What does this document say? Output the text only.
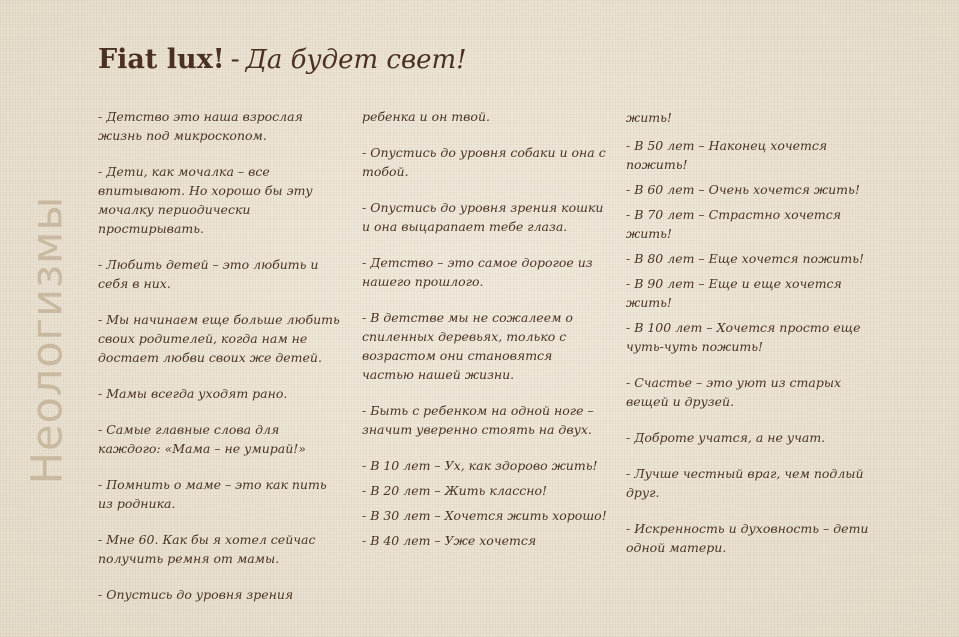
Неологизмы
Fiat lux! - Да будет свет!

- Детство это наша взрослая жизнь под микроскопом.

- Дети, как мочалка – все впитывают. Но хорошо бы эту мочалку периодически простирывать.

- Любить детей – это любить и себя в них.

- Мы начинаем еще больше любить своих родителей, когда нам не достает любви своих же детей.

- Мамы всегда уходят рано.

- Самые главные слова для каждого: «Мама – не умирай!»

- Помнить о маме – это как пить из родника.

- Мне 60. Как бы я хотел сейчас получить ремня от мамы.

- Опустись до уровня зрения

ребенка и он твой.

- Опустись до уровня собаки и она с тобой.

- Опустись до уровня зрения кошки и она выцарапает тебе глаза.

- Детство – это самое дорогое из нашего прошлого.

- В детстве мы не сожалеем о спиленных деревьях, только с возрастом они становятся частью нашей жизни.

- Быть с ребенком на одной ноге – значит уверенно стоять на двух.

- В 10 лет – Ух, как здорово жить!

- В 20 лет – Жить классно!

- В 30 лет – Хочется жить хорошо!

- В 40 лет – Уже хочется

жить!

- В 50 лет – Наконец хочется пожить!

- В 60 лет – Очень хочется жить!

- В 70 лет – Страстно хочется жить!

- В 80 лет – Еще хочется пожить!

- В 90 лет – Еще и еще хочется жить!

- В 100 лет – Хочется просто еще чуть-чуть пожить!

- Счастье – это уют из старых вещей и друзей.

- Доброте учатся, а не учат.

- Лучше честный враг, чем подлый друг.

- Искренность и духовность – дети одной матери.
